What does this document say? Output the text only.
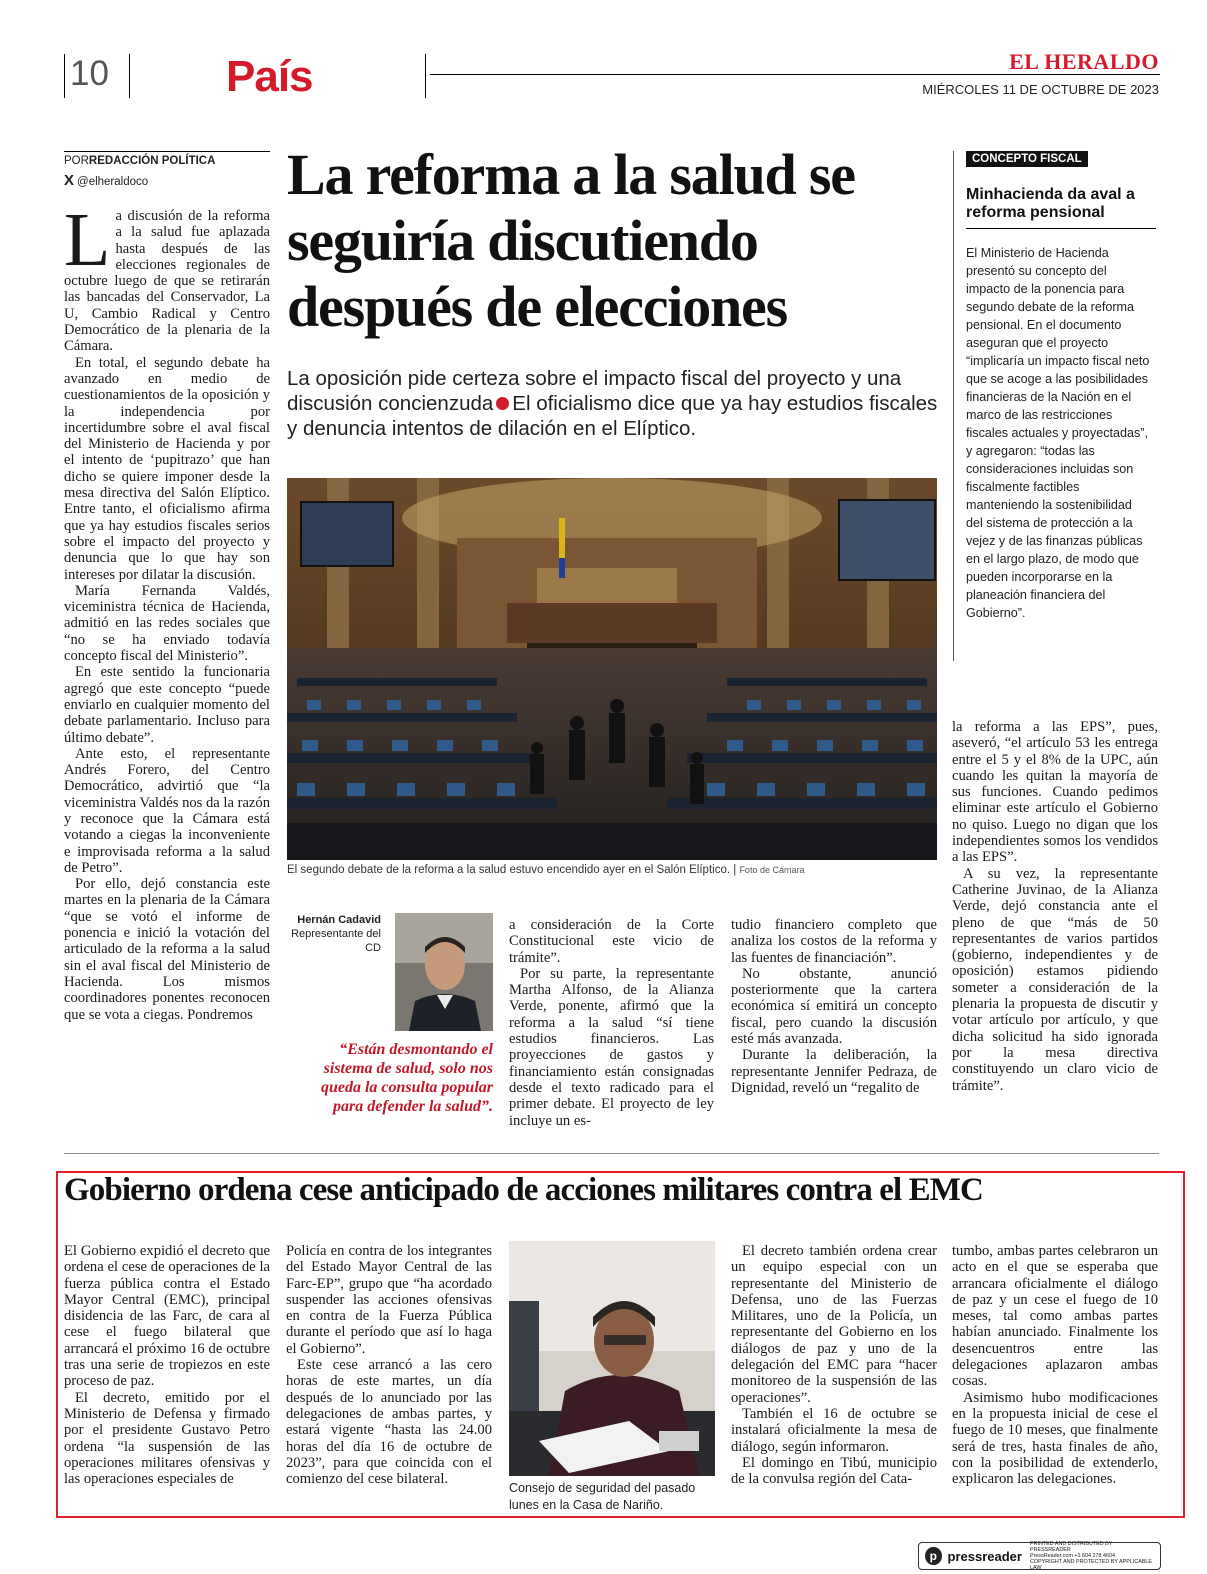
10	País	EL HERALDO
MIÉRCOLES 11 DE OCTUBRE DE 2023
PORREDACCIÓN POLÍTICA
X @elheraldoco La reforma a la salud se seguiría discutiendo después de elecciones
La oposición pide certeza sobre el impacto fiscal del proyecto y una discusión concienzuda El oficialismo dice que ya hay estudios fiscales y denuncia intentos de dilación en el Elíptico.

La discusión de la reforma a la salud fue aplazada hasta después de las elecciones regionales de octubre luego de que se retirarán las bancadas del Conservador, La U, Cambio Radical y Centro Democrático de la plenaria de la Cámara.

En total, el segundo debate ha avanzado en medio de cuestionamientos de la oposición y la independencia por incertidumbre sobre el aval fiscal del Ministerio de Hacienda y por el intento de ‘pupitrazo’ que han dicho se quiere imponer desde la mesa directiva del Salón Elíptico. Entre tanto, el oficialismo afirma que ya hay estudios fiscales serios sobre el impacto del proyecto y denuncia que lo que hay son intereses por dilatar la discusión.

María Fernanda Valdés, viceministra técnica de Hacienda, admitió en las redes sociales que “no se ha enviado todavía concepto fiscal del Ministerio”.

En este sentido la funcionaria agregó que este concepto “puede enviarlo en cualquier momento del debate parlamentario. Incluso para último debate”.

Ante esto, el representante Andrés Forero, del Centro Democrático, advirtió que “la viceministra Valdés nos da la razón y reconoce que la Cámara está votando a ciegas la inconveniente e improvisada reforma a la salud de Petro”.

Por ello, dejó constancia este martes en la plenaria de la Cámara “que se votó el informe de ponencia e inició la votación del articulado de la reforma a la salud sin el aval fiscal del Ministerio de Hacienda. Los mismos coordinadores ponentes reconocen que se vota a ciegas. Pondremos

CONCEPTO FISCAL
Minhacienda da aval a reforma pensional
El Ministerio de Hacienda presentó su concepto del impacto de la ponencia para segundo debate de la reforma pensional. En el documento aseguran que el proyecto “implicaría un impacto fiscal neto que se acoge a las posibilidades financieras de la Nación en el marco de las restricciones fiscales actuales y proyectadas”, y agregaron: “todas las consideraciones incluidas son fiscalmente factibles manteniendo la sostenibilidad del sistema de protección a la vejez y de las finanzas públicas en el largo plazo, de modo que pueden incorporarse en la planeación financiera del Gobierno”.
El segundo debate de la reforma a la salud estuvo encendido ayer en el Salón Elíptico. | Foto de Cámara
Hernán Cadavid
Representante del CD
“Están desmontando el sistema de salud, solo nos queda la consulta popular para defender la salud”.

a consideración de la Corte Constitucional este vicio de trámite”.

Por su parte, la representante Martha Alfonso, de la Alianza Verde, ponente, afirmó que la reforma a la salud “sí tiene estudios financieros. Las proyecciones de gastos y financiamiento están consignadas desde el texto radicado para el primer debate. El proyecto de ley incluye un es-

tudio financiero completo que analiza los costos de la reforma y las fuentes de financiación”.

No obstante, anunció posteriormente que la cartera económica sí emitirá un concepto fiscal, pero cuando la discusión esté más avanzada.

Durante la deliberación, la representante Jennifer Pedraza, de Dignidad, reveló un “regalito de

la reforma a las EPS”, pues, aseveró, “el artículo 53 les entrega entre el 5 y el 8% de la UPC, aún cuando les quitan la mayoría de sus funciones. Cuando pedimos eliminar este artículo el Gobierno no quiso. Luego no digan que los independientes somos los vendidos a las EPS”.

A su vez, la representante Catherine Juvinao, de la Alianza Verde, dejó constancia ante el pleno de que “más de 50 representantes de varios partidos (gobierno, independientes y de oposición) estamos pidiendo someter a consideración de la plenaria la propuesta de discutir y votar artículo por artículo, y que dicha solicitud ha sido ignorada por la mesa directiva constituyendo un claro vicio de trámite”.

Gobierno ordena cese anticipado de acciones militares contra el EMC

El Gobierno expidió el decreto que ordena el cese de operaciones de la fuerza pública contra el Estado Mayor Central (EMC), principal disidencia de las Farc, de cara al cese el fuego bilateral que arrancará el próximo 16 de octubre tras una serie de tropiezos en este proceso de paz.

El decreto, emitido por el Ministerio de Defensa y firmado por el presidente Gustavo Petro ordena “la suspensión de las operaciones militares ofensivas y las operaciones especiales de

Policía en contra de los integrantes del Estado Mayor Central de las Farc-EP”, grupo que “ha acordado suspender las acciones ofensivas en contra de la Fuerza Pública durante el período que así lo haga el Gobierno”.

Este cese arrancó a las cero horas de este martes, un día después de lo anunciado por las delegaciones de ambas partes, y estará vigente “hasta las 24.00 horas del día 16 de octubre de 2023”, para que coincida con el comienzo del cese bilateral.

Consejo de seguridad del pasado lunes en la Casa de Nariño.

El decreto también ordena crear un equipo especial con un representante del Ministerio de Defensa, uno de las Fuerzas Militares, uno de la Policía, un representante del Gobierno en los diálogos de paz y uno de la delegación del EMC para “hacer monitoreo de la suspensión de las operaciones”.

También el 16 de octubre se instalará oficialmente la mesa de diálogo, según informaron.

El domingo en Tibú, municipio de la convulsa región del Cata-

tumbo, ambas partes celebraron un acto en el que se esperaba que arrancara oficialmente el diálogo de paz y un cese el fuego de 10 meses, tal como ambas partes habían anunciado. Finalmente los desencuentros entre las delegaciones aplazaron ambas cosas.

Asimismo hubo modificaciones en la propuesta inicial de cese el fuego de 10 meses, que finalmente será de tres, hasta finales de año, con la posibilidad de extenderlo, explicaron las delegaciones.

p pressreader
PRINTED AND DISTRIBUTED BY PRESSREADER
PressReader.com +1 604 278 4604
COPYRIGHT AND PROTECTED BY APPLICABLE LAW
